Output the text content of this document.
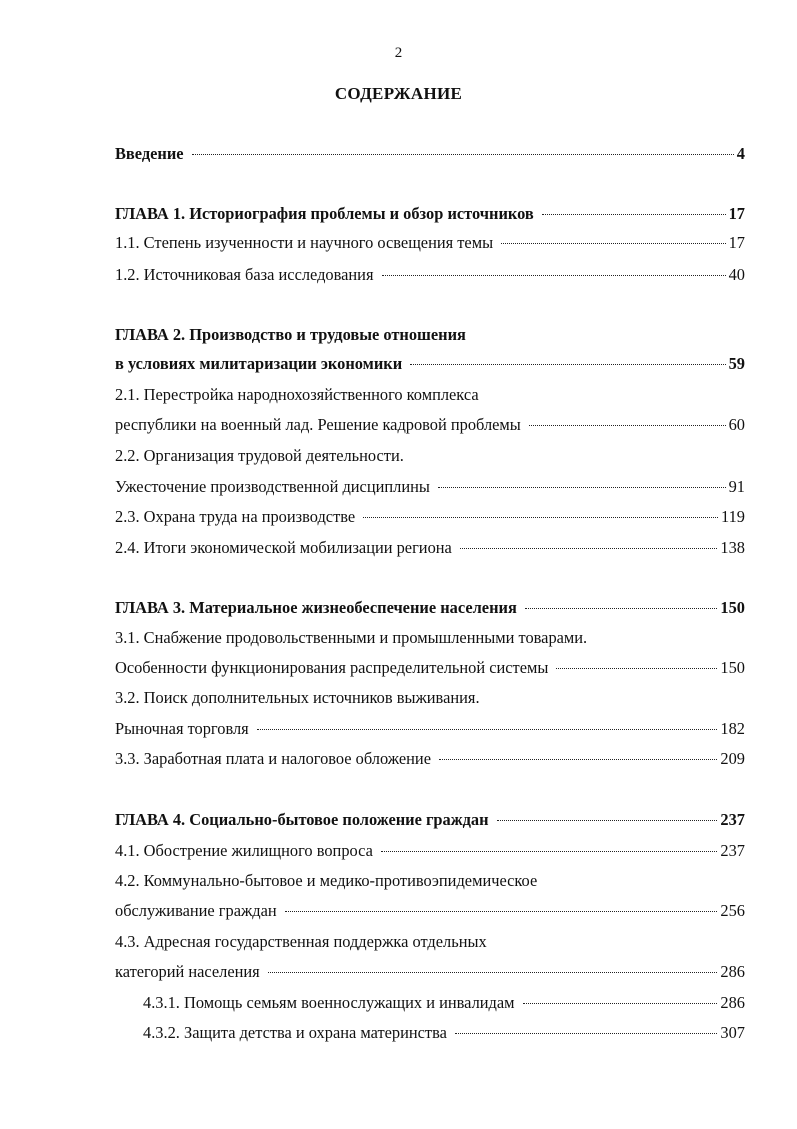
2
СОДЕРЖАНИЕ
Введение	4
ГЛАВА 1. Историография проблемы и обзор источников	17
1.1. Степень изученности и научного освещения темы	17
1.2. Источниковая база исследования	40
ГЛАВА 2. Производство и трудовые отношения
в условиях милитаризации экономики	59
2.1. Перестройка народнохозяйственного комплекса
республики на военный лад. Решение кадровой проблемы	60
2.2. Организация трудовой деятельности.
Ужесточение производственной дисциплины	91
2.3. Охрана труда на производстве	119
2.4. Итоги экономической мобилизации региона	138
ГЛАВА 3. Материальное жизнеобеспечение населения	150
3.1. Снабжение продовольственными и промышленными товарами.
Особенности функционирования распределительной системы	150
3.2. Поиск дополнительных источников выживания.
Рыночная торговля	182
3.3. Заработная плата и налоговое обложение	209
ГЛАВА 4. Социально-бытовое положение граждан	237
4.1. Обострение жилищного вопроса	237
4.2. Коммунально-бытовое и медико-противоэпидемическое
обслуживание граждан	256
4.3. Адресная государственная поддержка отдельных
категорий населения	286
4.3.1. Помощь семьям военнослужащих и инвалидам	286
4.3.2. Защита детства и охрана материнства	307
